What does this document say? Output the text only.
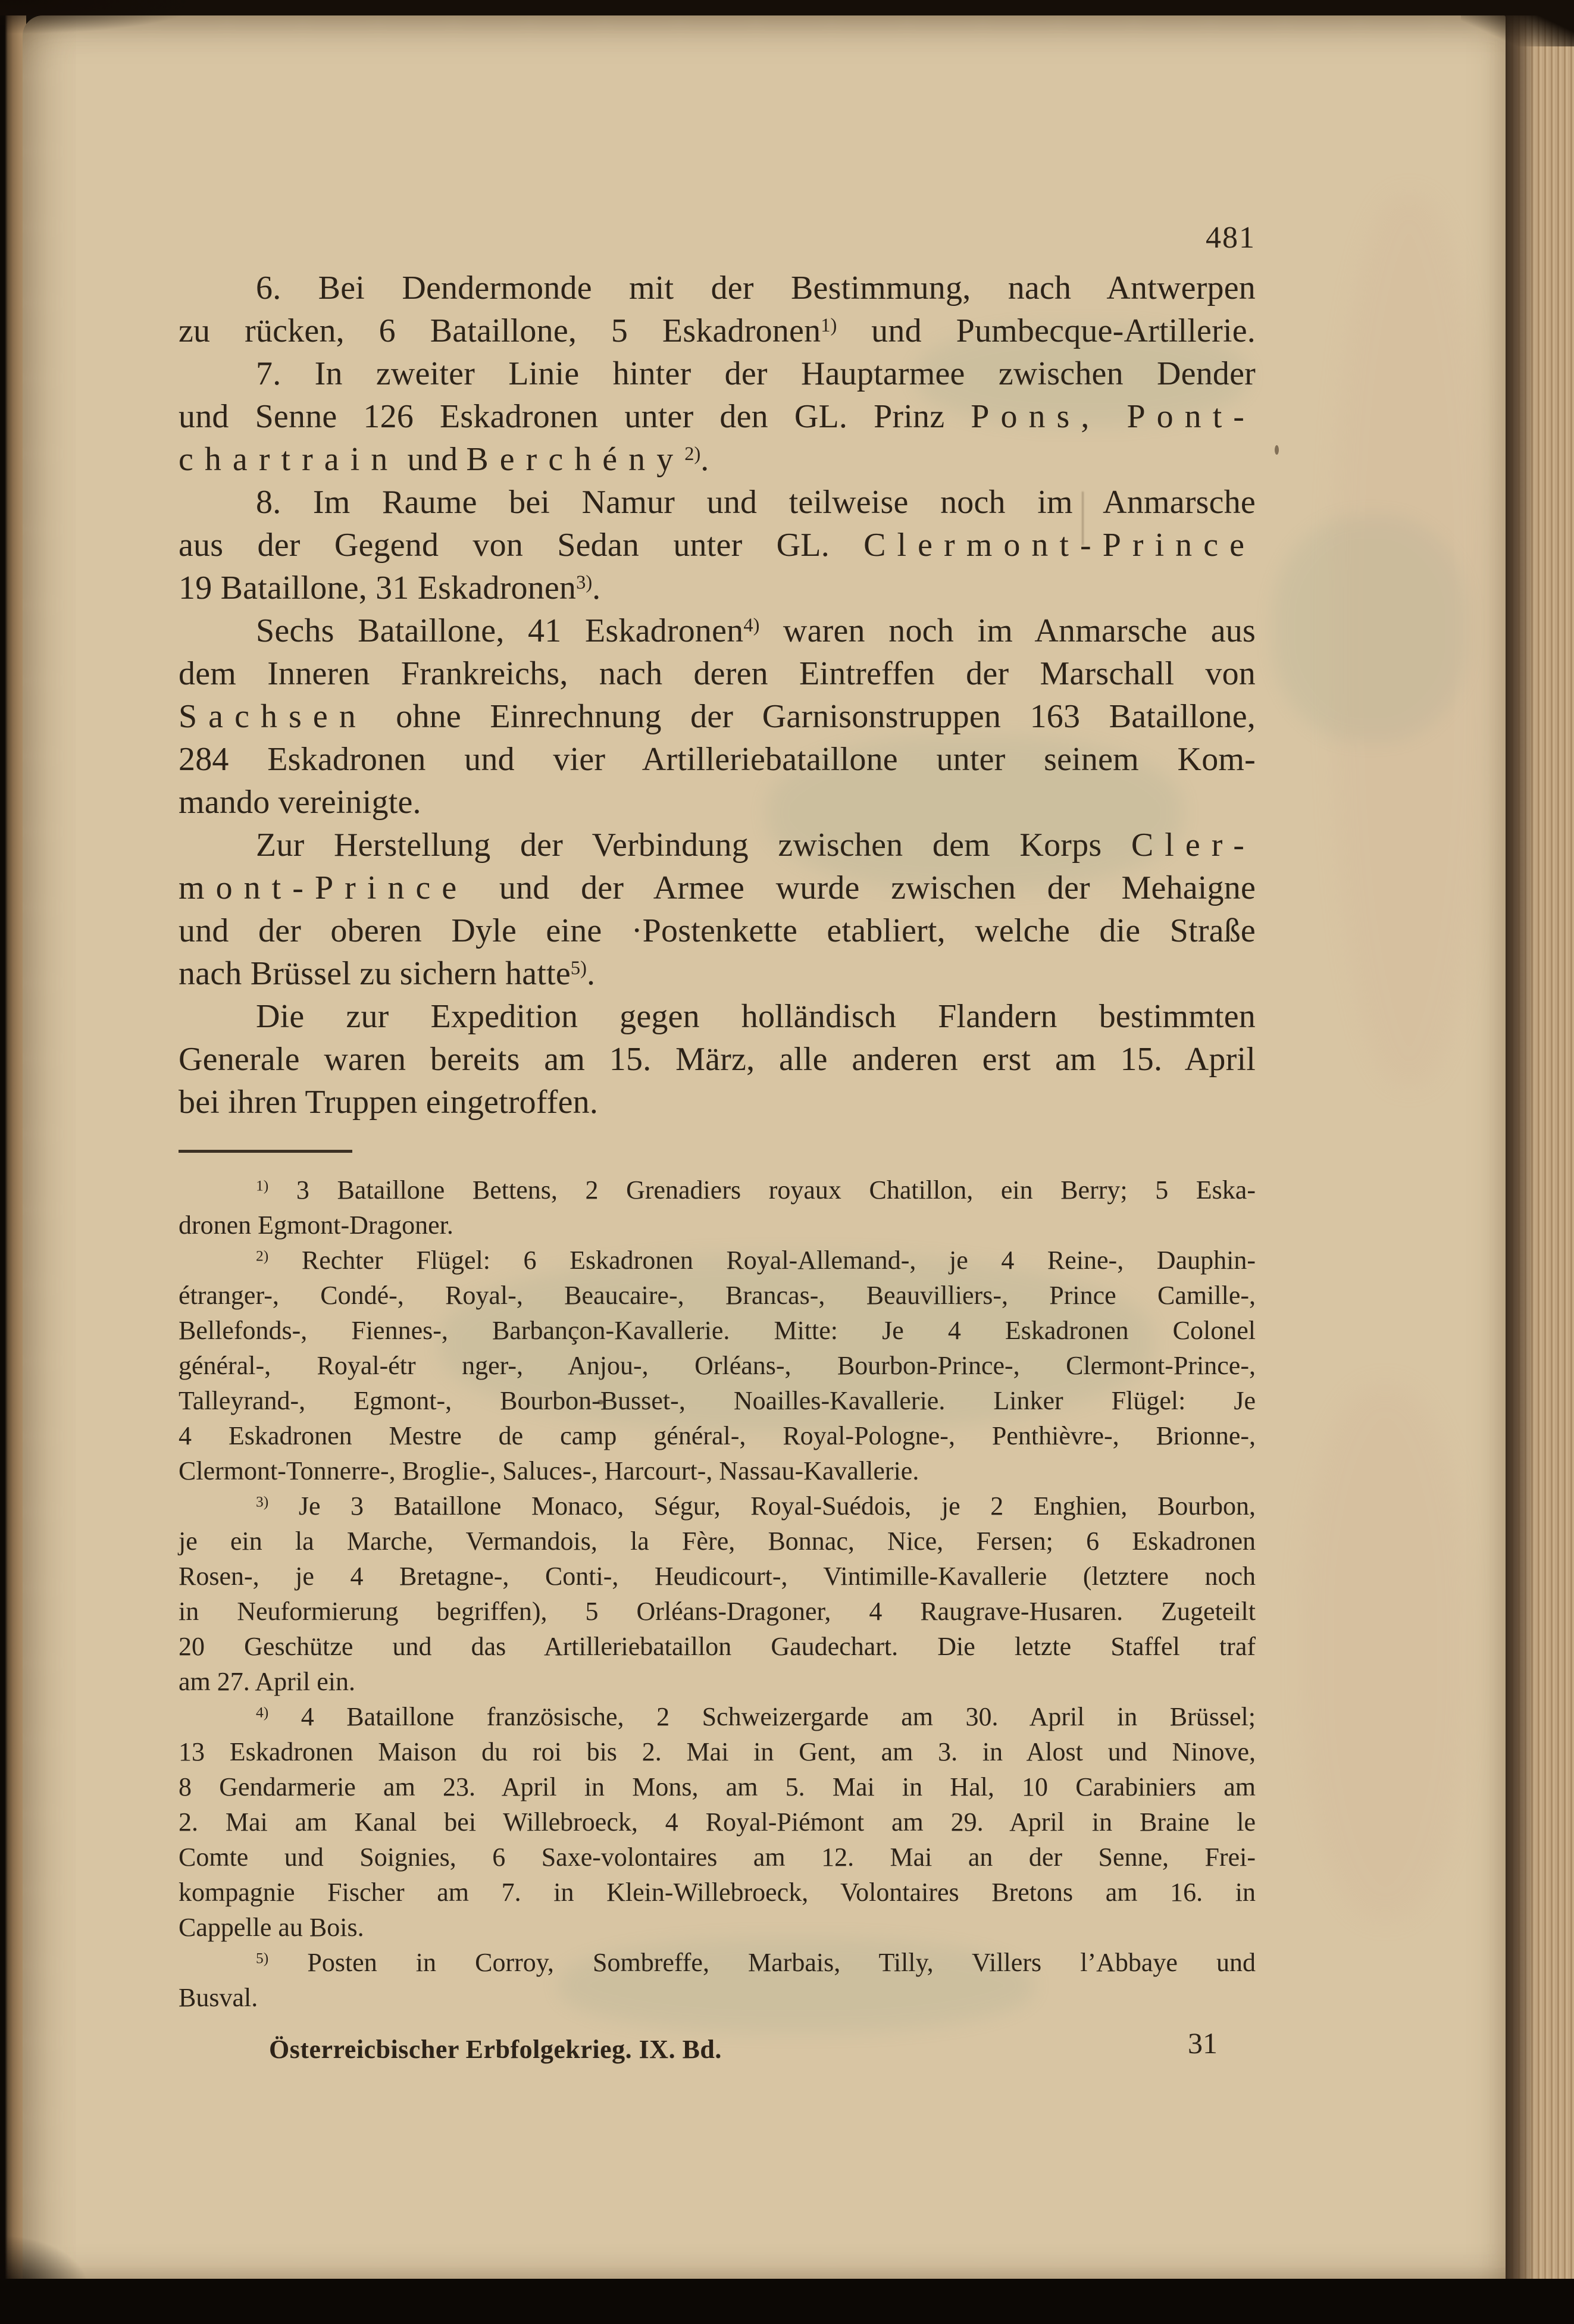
481
6. Bei Dendermonde mit der Bestimmung, nach Antwerpen
zu rücken, 6 Bataillone, 5 Eskadronen$^{1)}$ und Pumbecque-Artillerie.
7. In zweiter Linie hinter der Hauptarmee zwischen Dender
und Senne 126 Eskadronen unter den GL. Prinz Pons, Pont-
chartrain und Berchény$^{2)}$.
8. Im Raume bei Namur und teilweise noch im Anmarsche
aus der Gegend von Sedan unter GL. Clermont-Prince
19 Bataillone, 31 Eskadronen$^{3)}$.
Sechs Bataillone, 41 Eskadronen$^{4)}$ waren noch im Anmarsche aus
dem Inneren Frankreichs, nach deren Eintreffen der Marschall von
Sachsen ohne Einrechnung der Garnisonstruppen 163 Bataillone,
284 Eskadronen und vier Artilleriebataillone unter seinem Kom-
mando vereinigte.
Zur Herstellung der Verbindung zwischen dem Korps Cler-
mont-Prince und der Armee wurde zwischen der Mehaigne
und der oberen Dyle eine ·Postenkette etabliert, welche die Straße
nach Brüssel zu sichern hatte$^{5)}$.
Die zur Expedition gegen holländisch Flandern bestimmten
Generale waren bereits am 15. März, alle anderen erst am 15. April
bei ihren Truppen eingetroffen.
$^{1)}$ 3 Bataillone Bettens, 2 Grenadiers royaux Chatillon, ein Berry; 5 Eska-
dronen Egmont-Dragoner.
$^{2)}$ Rechter Flügel: 6 Eskadronen Royal-Allemand-, je 4 Reine-, Dauphin-
étranger-, Condé-, Royal-, Beaucaire-, Brancas-, Beauvilliers-, Prince Camille-,
Bellefonds-, Fiennes-, Barbançon-Kavallerie. Mitte: Je 4 Eskadronen Colonel
général-, Royal-étr nger-, Anjou-, Orléans-, Bourbon-Prince-, Clermont-Prince-,
Talleyrand-, Egmont-, Bourbon-Busset-, Noailles-Kavallerie. Linker Flügel: Je
4 Eskadronen Mestre de camp général-, Royal-Pologne-, Penthièvre-, Brionne-,
Clermont-Tonnerre-, Broglie-, Saluces-, Harcourt-, Nassau-Kavallerie.
$^{3)}$ Je 3 Bataillone Monaco, Ségur, Royal-Suédois, je 2 Enghien, Bourbon,
je ein la Marche, Vermandois, la Fère, Bonnac, Nice, Fersen; 6 Eskadronen
Rosen-, je 4 Bretagne-, Conti-, Heudicourt-, Vintimille-Kavallerie (letztere noch
in Neuformierung begriffen), 5 Orléans-Dragoner, 4 Raugrave-Husaren. Zugeteilt
20 Geschütze und das Artilleriebataillon Gaudechart. Die letzte Staffel traf
am 27. April ein.
$^{4)}$ 4 Bataillone französische, 2 Schweizergarde am 30. April in Brüssel;
13 Eskadronen Maison du roi bis 2. Mai in Gent, am 3. in Alost und Ninove,
8 Gendarmerie am 23. April in Mons, am 5. Mai in Hal, 10 Carabiniers am
2. Mai am Kanal bei Willebroeck, 4 Royal-Piémont am 29. April in Braine le
Comte und Soignies, 6 Saxe-volontaires am 12. Mai an der Senne, Frei-
kompagnie Fischer am 7. in Klein-Willebroeck, Volontaires Bretons am 16. in
Cappelle au Bois.
$^{5)}$ Posten in Corroy, Sombreffe, Marbais, Tilly, Villers l’Abbaye und
Busval.
Österreicbischer Erbfolgekrieg. IX. Bd.	31
